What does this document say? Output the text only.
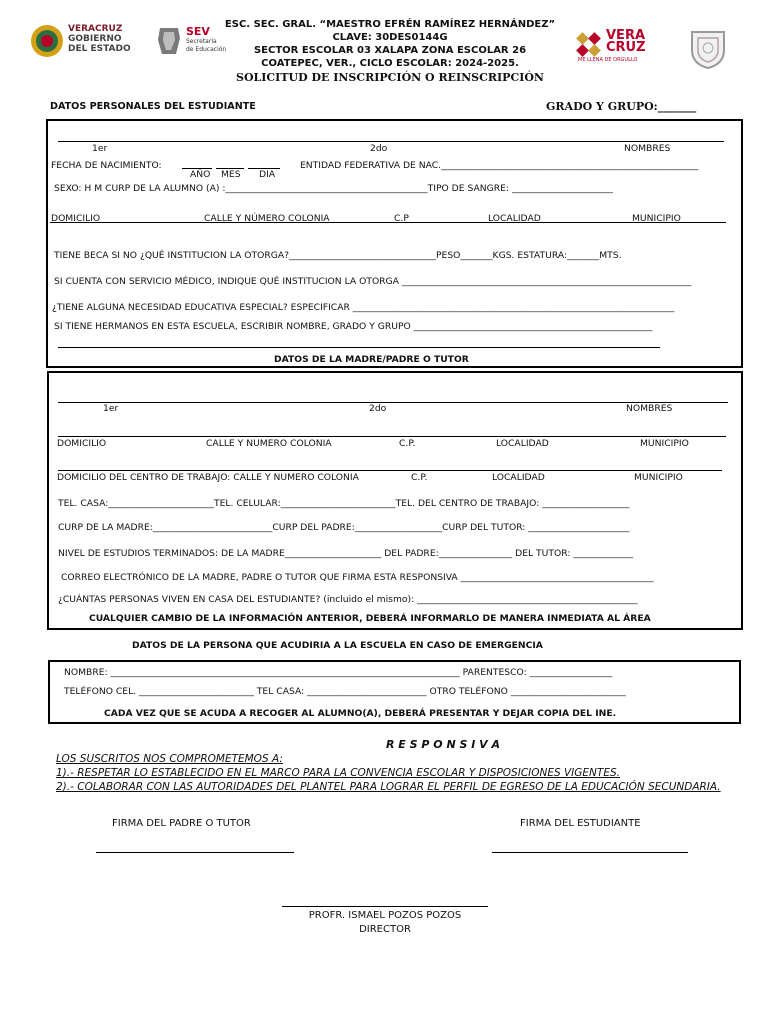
VERACRUZ
GOBIERNO
DEL ESTADO
SEV
Secretaría
de Educación
ESC. SEC. GRAL. “MAESTRO EFRÉN RAMÍREZ HERNÁNDEZ”
CLAVE: 30DES0144G
SECTOR ESCOLAR 03 XALAPA ZONA ESCOLAR 26
COATEPEC, VER., CICLO ESCOLAR: 2024-2025.
SOLICITUD DE INSCRIPCIÓN O REINSCRIPCIÓN
VERA
CRUZ
ME LLENA DE ORGULLO
DATOS PERSONALES DEL ESTUDIANTE	GRADO Y GRUPO:_______
1er	2do	NOMBRES
FECHA DE NACIMIENTO:
AÑO MES DIA
ENTIDAD FEDERATIVA DE NAC.________________________________________________________
SEXO: H M CURP DE LA ALUMNO (A) :____________________________________________TIPO DE SANGRE: ______________________
DOMICILIO	CALLE Y NÚMERO COLONIA	C.P	LOCALIDAD	MUNICIPIO
TIENE BECA SI NO ¿QUÉ INSTITUCION LA OTORGA?________________________________PESO_______KGS. ESTATURA:_______MTS.
SI CUENTA CON SERVICIO MÉDICO, INDIQUE QUÉ INSTITUCION LA OTORGA _______________________________________________________________
¿TIENE ALGUNA NECESIDAD EDUCATIVA ESPECIAL? ESPECIFICAR ______________________________________________________________________
SI TIENE HERMANOS EN ESTA ESCUELA, ESCRIBIR NOMBRE, GRADO Y GRUPO ____________________________________________________
DATOS DE LA MADRE/PADRE O TUTOR
1er	2do	NOMBRES
DOMICILIO	CALLE Y NUMERO COLONIA	C.P.	LOCALIDAD	MUNICIPIO
DOMICILIO DEL CENTRO DE TRABAJO: CALLE Y NUMERO COLONIA	C.P.	LOCALIDAD	MUNICIPIO
TEL. CASA:_______________________TEL. CELULAR:_________________________TEL. DEL CENTRO DE TRABAJO: ___________________
CURP DE LA MADRE:__________________________CURP DEL PADRE:___________________CURP DEL TUTOR: ______________________
NIVEL DE ESTUDIOS TERMINADOS: DE LA MADRE_____________________ DEL PADRE:________________ DEL TUTOR: _____________
CORREO ELECTRÓNICO DE LA MADRE, PADRE O TUTOR QUE FIRMA ESTA RESPONSIVA __________________________________________
¿CUÁNTAS PERSONAS VIVEN EN CASA DEL ESTUDIANTE? (incluido el mismo): ________________________________________________
CUALQUIER CAMBIO DE LA INFORMACIÓN ANTERIOR, DEBERÁ INFORMARLO DE MANERA INMEDIATA AL ÁREA
DATOS DE LA PERSONA QUE ACUDIRIA A LA ESCUELA EN CASO DE EMERGENCIA
NOMBRE: ____________________________________________________________________________ PARENTESCO: __________________
TELÉFONO CEL. _________________________ TEL CASA: __________________________ OTRO TELÉFONO _________________________
CADA VEZ QUE SE ACUDA A RECOGER AL ALUMNO(A), DEBERÁ PRESENTAR Y DEJAR COPIA DEL INE.
R E S P O N S I V A
LOS SUSCRITOS NOS COMPROMETEMOS A:
1).- RESPETAR LO ESTABLECIDO EN EL MARCO PARA LA CONVENCIA ESCOLAR Y DISPOSICIONES VIGENTES.
2).- COLABORAR CON LAS AUTORIDADES DEL PLANTEL PARA LOGRAR EL PERFIL DE EGRESO DE LA EDUCACIÓN SECUNDARIA.
FIRMA DEL PADRE O TUTOR	FIRMA DEL ESTUDIANTE
PROFR. ISMAEL POZOS POZOS
DIRECTOR
